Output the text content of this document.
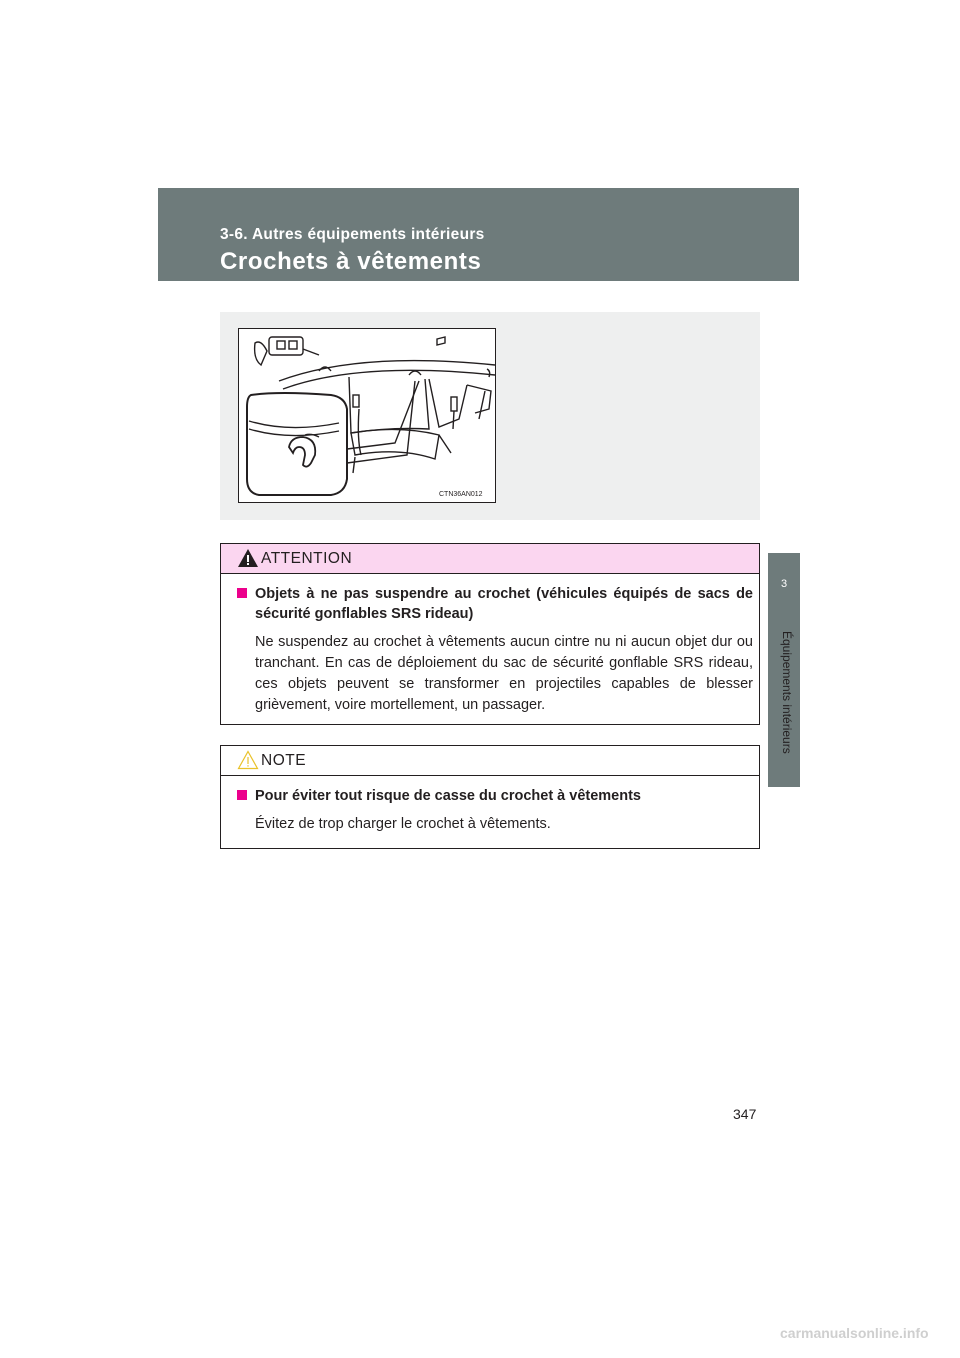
3-6. Autres équipements intérieurs
Crochets à vêtements
3
Équipements intérieurs
CTN36AN012
ATTENTION
Objets à ne pas suspendre au crochet (véhicules équipés de sacs de sécurité gonflables SRS rideau)
Ne suspendez au crochet à vêtements aucun cintre nu ni aucun objet dur ou tranchant. En cas de déploiement du sac de sécurité gonflable SRS rideau, ces objets peuvent se transformer en projectiles capables de blesser grièvement, voire mortellement, un passager.
NOTE
Pour éviter tout risque de casse du crochet à vêtements
Évitez de trop charger le crochet à vêtements.
347
carmanualsonline.info
